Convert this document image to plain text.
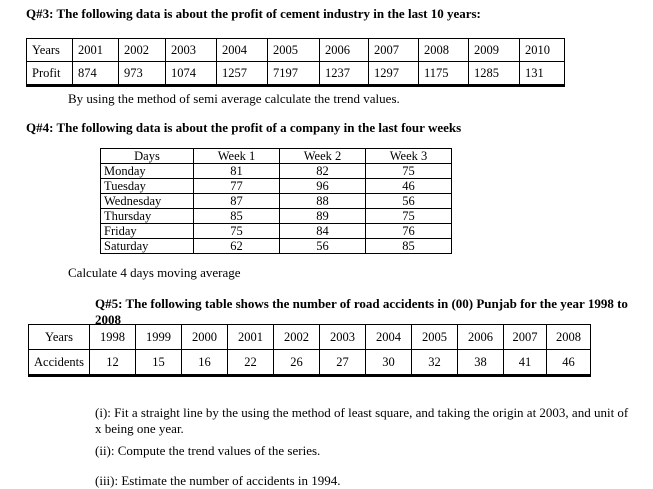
Q#3: The following data is about the profit of cement industry in the last 10 years:
Years	2001	2002	2003	2004	2005	2006	2007	2008	2009	2010
Profit	874	973	1074	1257	7197	1237	1297	1175	1285	131
By using the method of semi average calculate the trend values.
Q#4: The following data is about the profit of a company in the last four weeks
Days	Week 1	Week 2	Week 3
Monday	81	82	75
Tuesday	77	96	46
Wednesday	87	88	56
Thursday	85	89	75
Friday	75	84	76
Saturday	62	56	85
Calculate 4 days moving average
Q#5: The following table shows the number of road accidents in (00) Punjab for the year 1998 to 2008
Years	1998	1999	2000	2001	2002	2003	2004	2005	2006	2007	2008
Accidents	12	15	16	22	26	27	30	32	38	41	46
(i): Fit a straight line by the using the method of least square, and taking the origin at 2003, and unit of x being one year.
(ii): Compute the trend values of the series.
(iii): Estimate the number of accidents in 1994.
